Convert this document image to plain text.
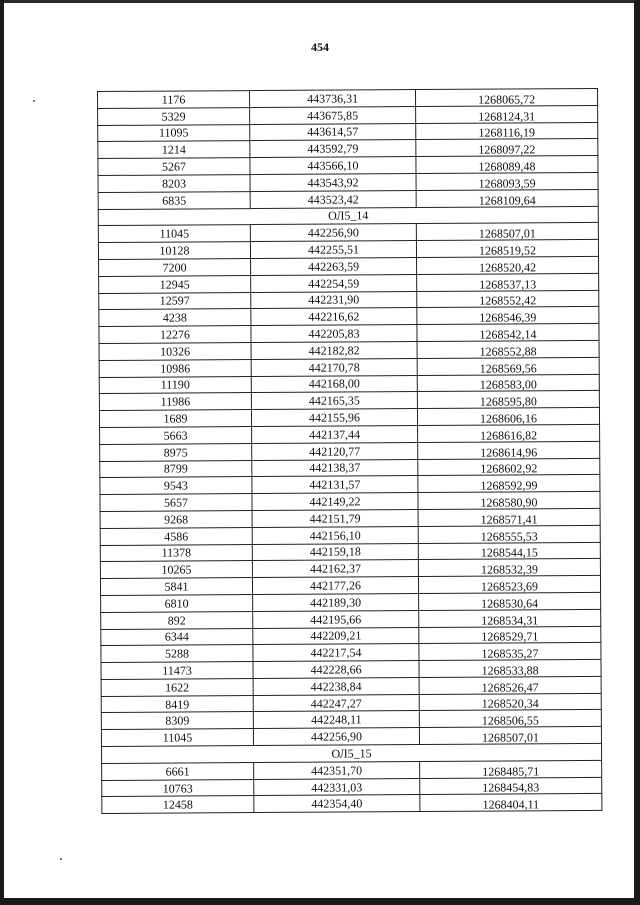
454
1176	443736,31	1268065,72
5329	443675,85	1268124,31
11095	443614,57	1268116,19
1214	443592,79	1268097,22
5267	443566,10	1268089,48
8203	443543,92	1268093,59
6835	443523,42	1268109,64
ОЛ5_14		
11045	442256,90	1268507,01
10128	442255,51	1268519,52
7200	442263,59	1268520,42
12945	442254,59	1268537,13
12597	442231,90	1268552,42
4238	442216,62	1268546,39
12276	442205,83	1268542,14
10326	442182,82	1268552,88
10986	442170,78	1268569,56
11190	442168,00	1268583,00
11986	442165,35	1268595,80
1689	442155,96	1268606,16
5663	442137,44	1268616,82
8975	442120,77	1268614,96
8799	442138,37	1268602,92
9543	442131,57	1268592,99
5657	442149,22	1268580,90
9268	442151,79	1268571,41
4586	442156,10	1268555,53
11378	442159,18	1268544,15
10265	442162,37	1268532,39
5841	442177,26	1268523,69
6810	442189,30	1268530,64
892	442195,66	1268534,31
6344	442209,21	1268529,71
5288	442217,54	1268535,27
11473	442228,66	1268533,88
1622	442238,84	1268526,47
8419	442247,27	1268520,34
8309	442248,11	1268506,55
11045	442256,90	1268507,01
ОЛ5_15		
6661	442351,70	1268485,71
10763	442331,03	1268454,83
12458	442354,40	1268404,11
